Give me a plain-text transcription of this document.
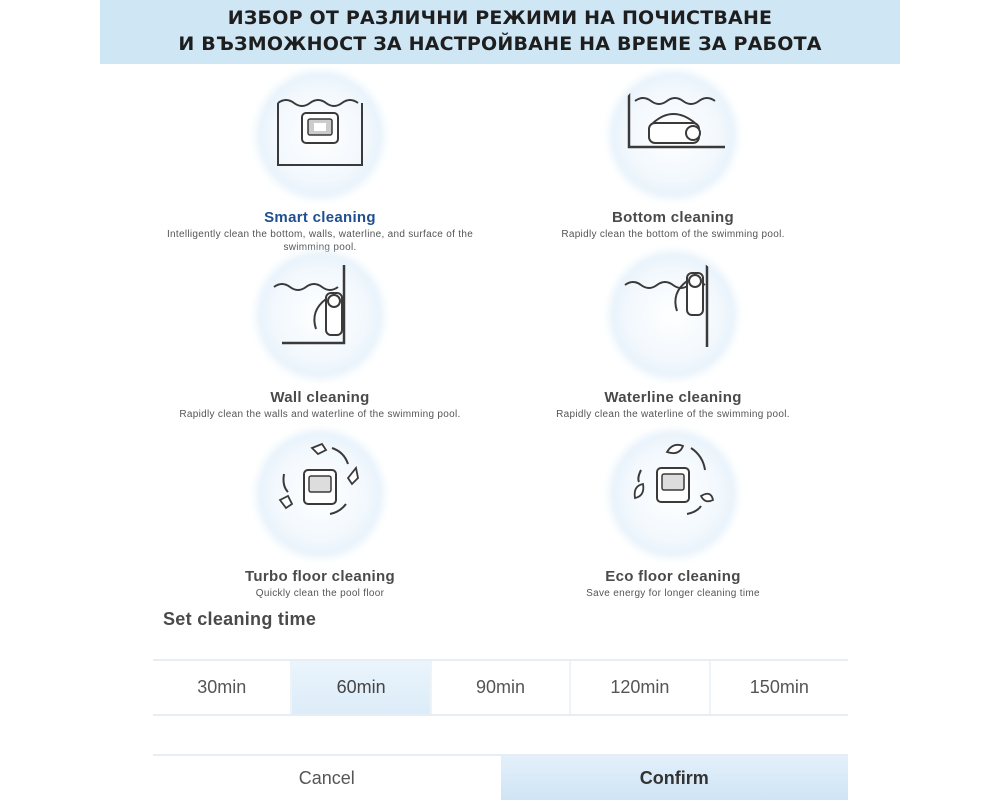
ИЗБОР ОТ РАЗЛИЧНИ РЕЖИМИ НА ПОЧИСТВАНЕ
И ВЪЗМОЖНОСТ ЗА НАСТРОЙВАНЕ НА ВРЕМЕ ЗА РАБОТА
Smart cleaning
Intelligently clean the bottom, walls, waterline, and surface of the swimming pool.
Bottom cleaning
Rapidly clean the bottom of the swimming pool.
Wall cleaning
Rapidly clean the walls and waterline of the swimming pool.
Waterline cleaning
Rapidly clean the waterline of the swimming pool.
Turbo floor cleaning
Quickly clean the pool floor
Eco floor cleaning
Save energy for longer cleaning time
Set cleaning time
30min	60min	90min	120min	150min
Cancel	Confirm
